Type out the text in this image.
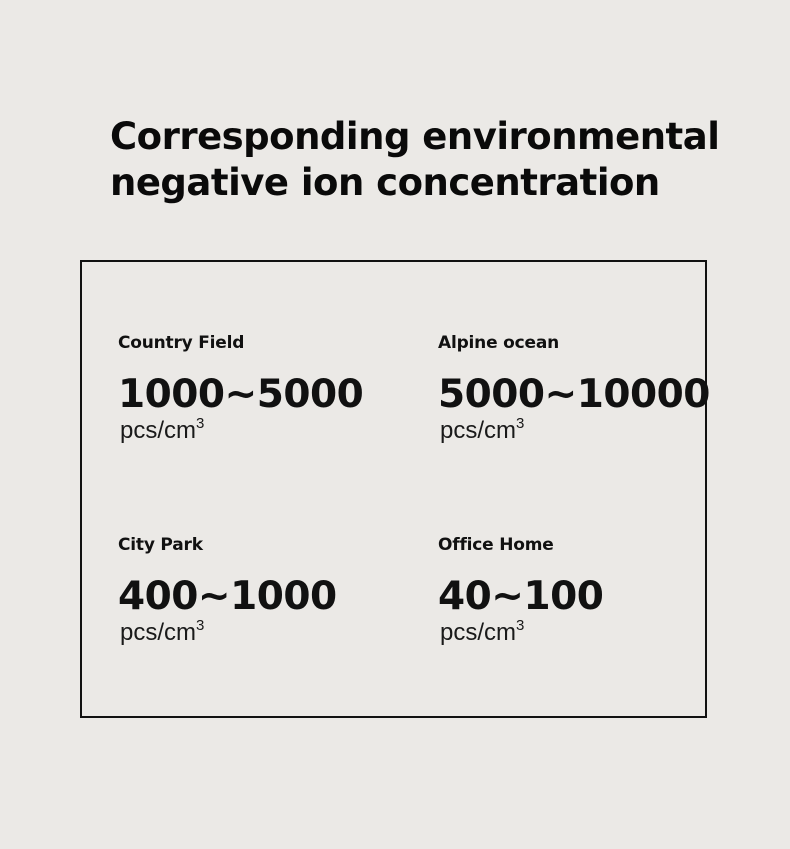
Corresponding environmental
negative ion concentration
Country Field
1000~5000
pcs/$cm^3$
Alpine ocean
5000~10000
pcs/$cm^3$
City Park
400~1000
pcs/$cm^3$
Office Home
40~100
pcs/$cm^3$
